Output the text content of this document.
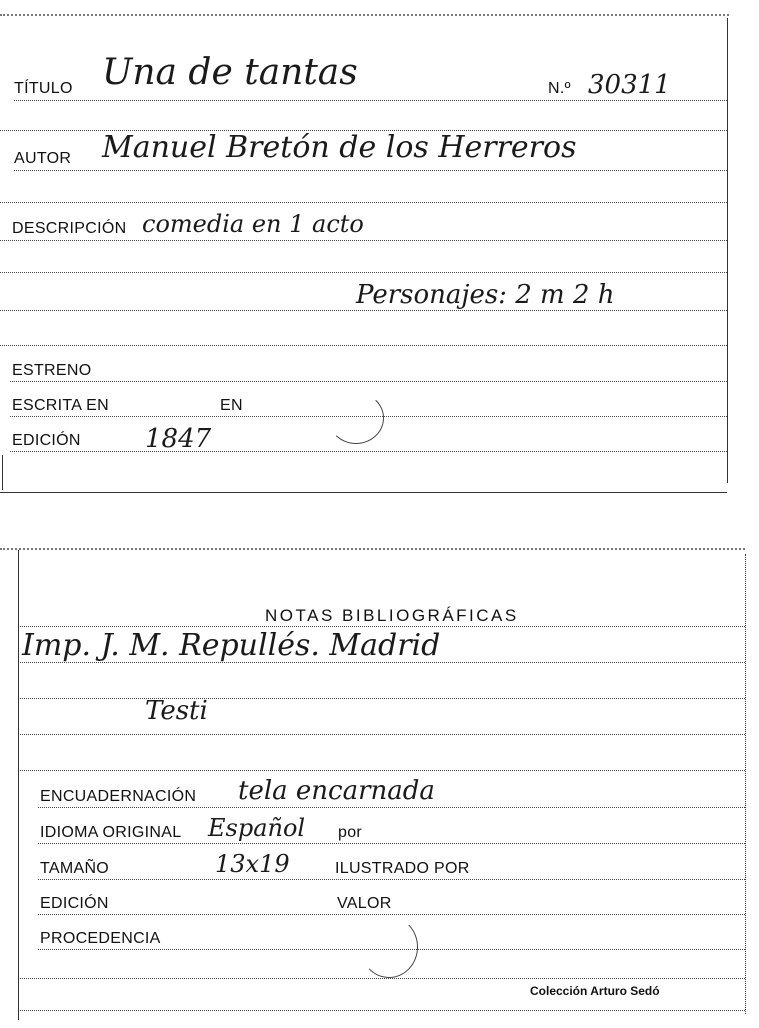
TÍTULO Una de tantas	N.º 30311
AUTOR Manuel Bretón de los Herreros
DESCRIPCIÓN comedia en 1 acto
Personajes: 2 m 2 h
ESTRENO
ESCRITA EN	EN
EDICIÓN 1847
NOTAS BIBLIOGRÁFICAS
Imp. J. M. Repullés. Madrid
Testi
ENCUADERNACIÓN tela encarnada
IDIOMA ORIGINAL Español por
TAMAÑO	13x19	ILUSTRADO POR
EDICIÓN	VALOR
PROCEDENCIA
Colección Arturo Sedó
